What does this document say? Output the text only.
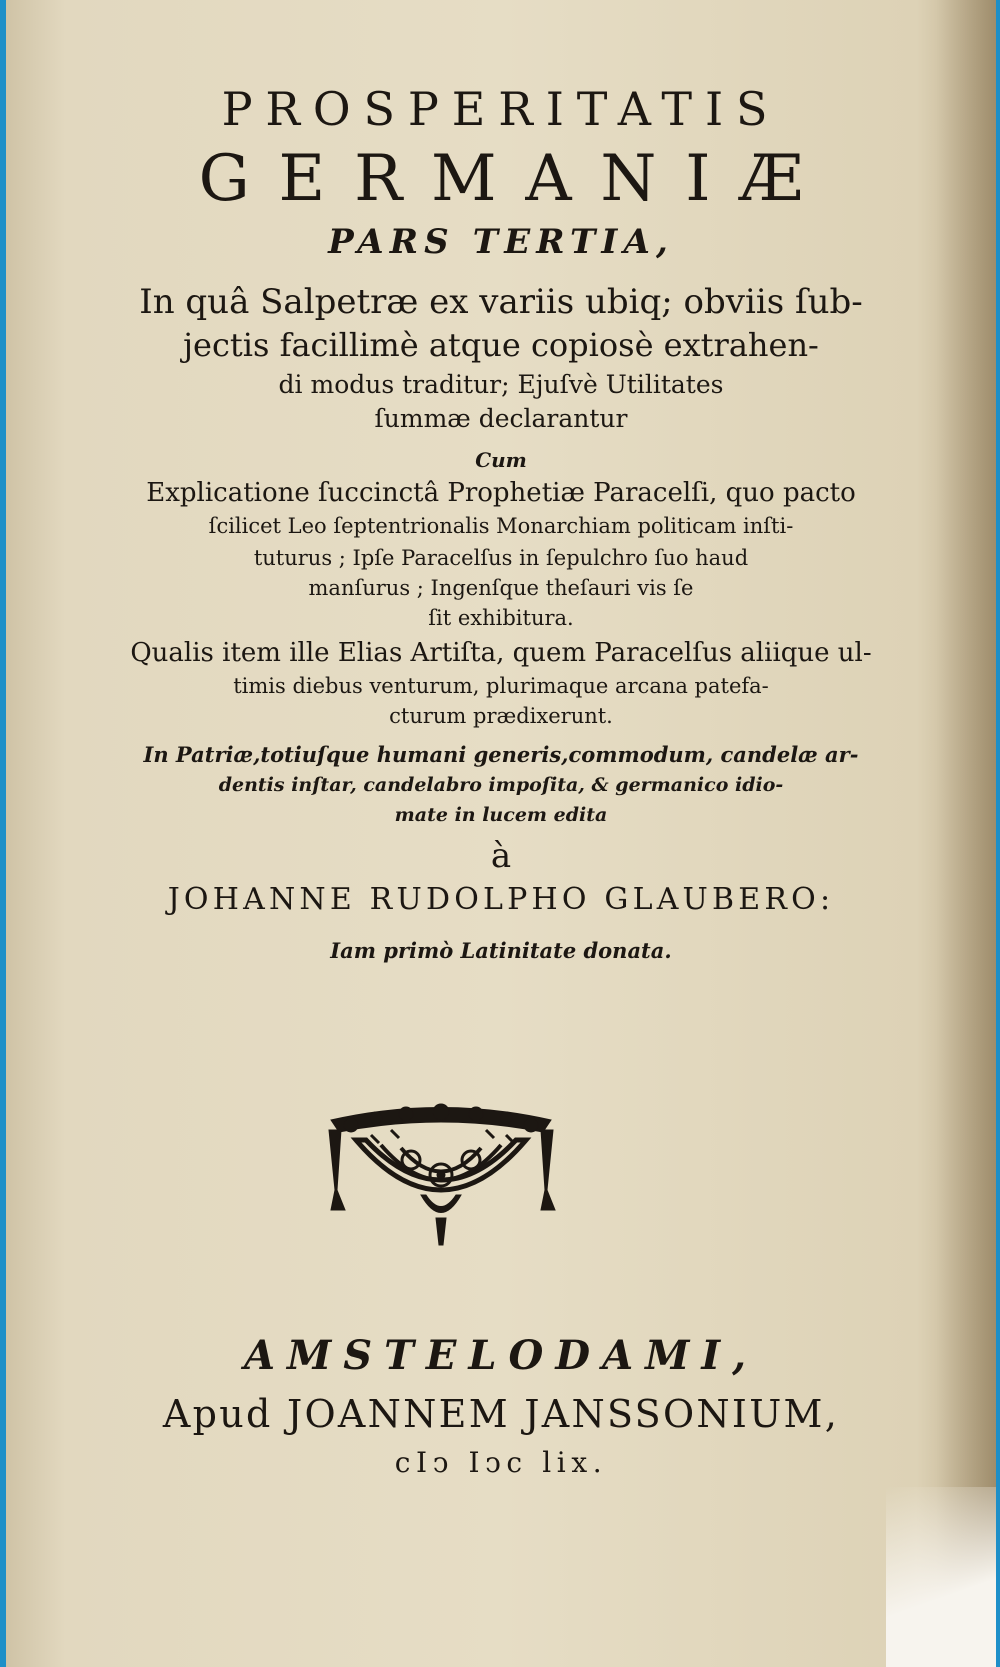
PROSPERITATIS
GERMANIÆ
PARS TERTIA,
In quâ Salpetræ ex variis ubiq; obviis ſub-
jectis facillimè atque copiosè extrahen-
di modus traditur; Ejuſvè Utilitates
ſummæ declarantur
Cum
Explicatione ſuccinctâ Prophetiæ Paracelſi, quo pacto
ſcilicet Leo ſeptentrionalis Monarchiam politicam inſti-
tuturus ; Ipſe Paracelſus in ſepulchro ſuo haud
manſurus ; Ingenſque theſauri vis ſe
ſit exhibitura.
Qualis item ille Elias Artiſta, quem Paracelſus aliique ul-
timis diebus venturum, plurimaque arcana patefa-
cturum prædixerunt.
In Patriæ,totiuſque humani generis,commodum, candelæ ar-
dentis inſtar, candelabro impoſita, & germanico idio-
mate in lucem edita
à
JOHANNE RUDOLPHO GLAUBERO:
Iam primò Latinitate donata.
AMSTELODAMI,
Apud JOANNEM JANSSONIUM,
cIↄ Iↄc lix.
